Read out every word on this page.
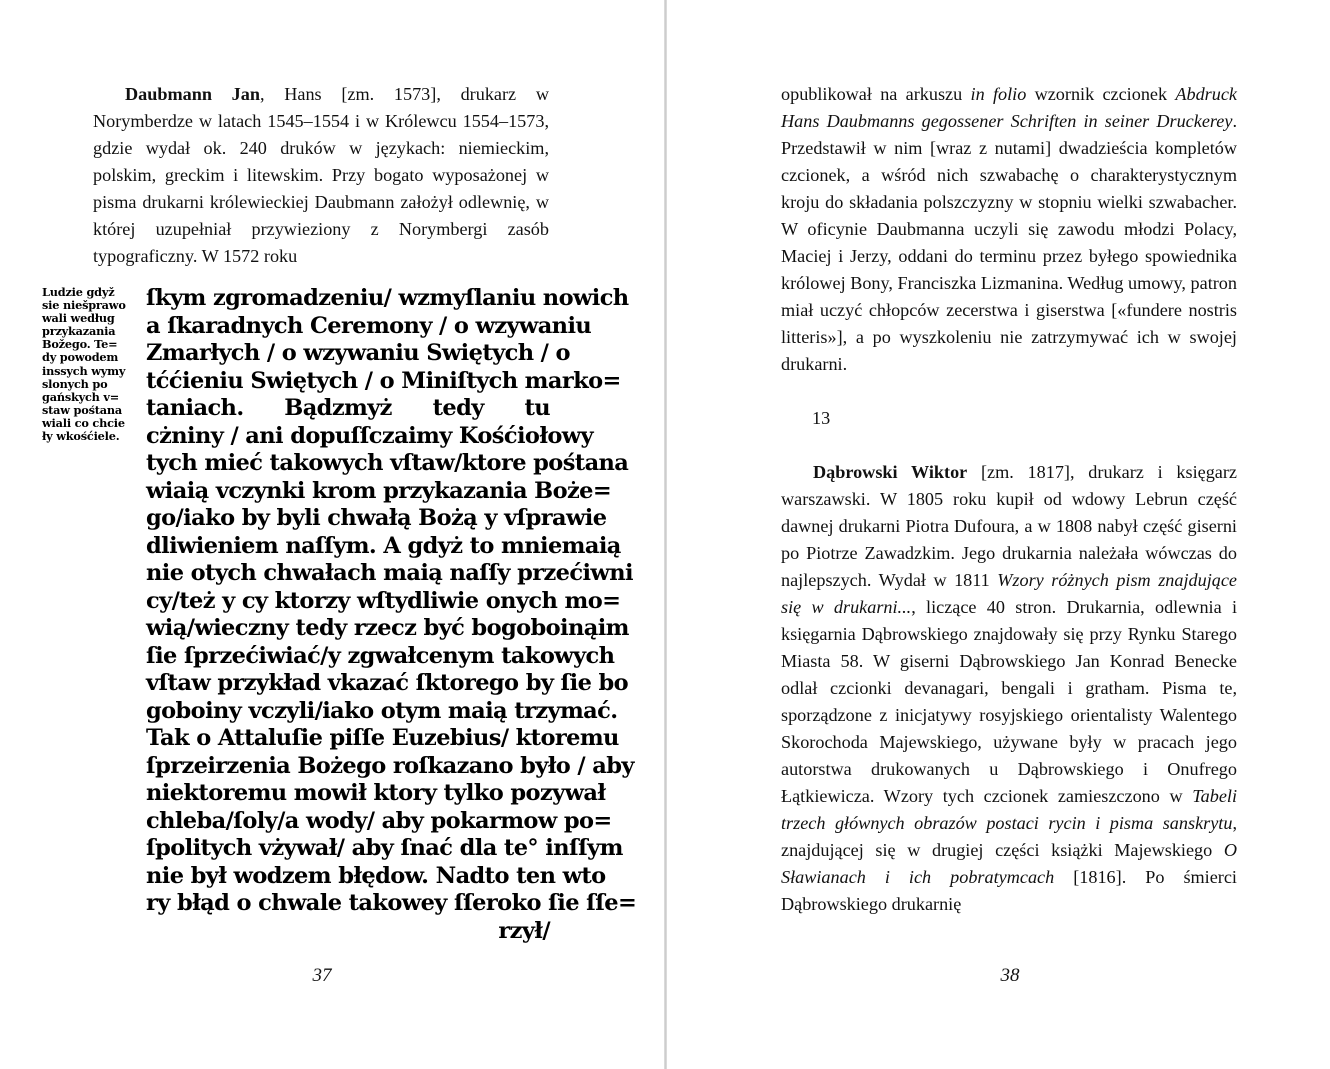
Daubmann Jan, Hans [zm. 1573], drukarz w Norymberdze w latach 1545–1554 i w Królewcu 1554–1573, gdzie wydał ok. 240 druków w językach: niemieckim, polskim, greckim i litewskim. Przy bogato wyposażonej w pisma drukarni królewieckiej Daubmann założył odlewnię, w której uzupełniał przywieziony z Norymbergi zasób typograficzny. W 1572 roku

Ludzie gdyž
sie niešprawo
wali według
przykazania
Božego. Te=
dy powodem
inssych wymy
slonych po
gańskych v=
staw pośtana
wiali co chcie
ły wkośćiele.
ſkym zgromadzeniu/ wzmyſlaniu nowich
a ſkaradnych Ceremony / o wzywaniu
Zmarłych / o wzywaniu Swiętych / o
tććieniu Swiętych / o Miniſtych marko=
taniach. Bądzmyż tedy tu
cżniny / ani dopuſſczaimy Kośćiołowy
tych mieć takowych vſtaw/ktore pośtana
wiaią vczynki krom przykazania Boże=
go/iako by byli chwałą Bożą y vſprawie
dliwieniem naſſym. A gdyż to mniemaią
nie otych chwałach maią naſſy przećiwni
cy/też y cy ktorzy wſtydliwie onych mo=
wią/wieczny tedy rzecz być bogoboinąim
ſie ſprzećiwiać/y zgwałcenym takowych
vſtaw przykład vkazać ſktorego by ſie bo
goboiny vczyli/iako otym maią trzymać.
Tak o Attaluſie piſſe Euzebius/ ktoremu
ſprzeirzenia Bożego roſkazano było / aby
niektoremu mowił ktory tylko pozywał
chleba/ſoly/a wody/ aby pokarmow po=
ſpolitych vżywał/ aby ſnać dla te° inſſym
nie był wodzem błędow. Nadto ten wto
ry błąd o chwale takowey ſſeroko ſie ſſe=
rzył/
37

opublikował na arkuszu in folio wzornik czcionek Abdruck Hans Daubmanns gegossener Schriften in seiner Druckerey. Przedstawił w nim [wraz z nutami] dwadzieścia kompletów czcionek, a wśród nich szwabachę o charakterystycznym kroju do składania polszczyzny w stopniu wielki szwabacher. W oficynie Daubmanna uczyli się zawodu młodzi Polacy, Maciej i Jerzy, oddani do terminu przez byłego spowiednika królowej Bony, Franciszka Lizmanina. Według umowy, patron miał uczyć chłopców zecerstwa i giserstwa [«fundere nostris litteris»], a po wyszkoleniu nie zatrzymywać ich w swojej drukarni.

13

Dąbrowski Wiktor [zm. 1817], drukarz i księgarz warszawski. W 1805 roku kupił od wdowy Lebrun część dawnej drukarni Piotra Dufoura, a w 1808 nabył część giserni po Piotrze Zawadzkim. Jego drukarnia należała wówczas do najlepszych. Wydał w 1811 Wzory różnych pism znajdujące się w drukarni..., liczące 40 stron. Drukarnia, odlewnia i księgarnia Dąbrowskiego znajdowały się przy Rynku Starego Miasta 58. W giserni Dąbrowskiego Jan Konrad Benecke odlał czcionki devanagari, bengali i gratham. Pisma te, sporządzone z inicjatywy rosyjskiego orientalisty Walentego Skorochoda Majewskiego, używane były w pracach jego autorstwa drukowanych u Dąbrowskiego i Onufrego Łątkiewicza. Wzory tych czcionek zamieszczono w Tabeli trzech głównych obrazów postaci rycin i pisma sanskrytu, znajdującej się w drugiej części książki Majewskiego O Sławianach i ich pobratymcach [1816]. Po śmierci Dąbrowskiego drukarnię

38
